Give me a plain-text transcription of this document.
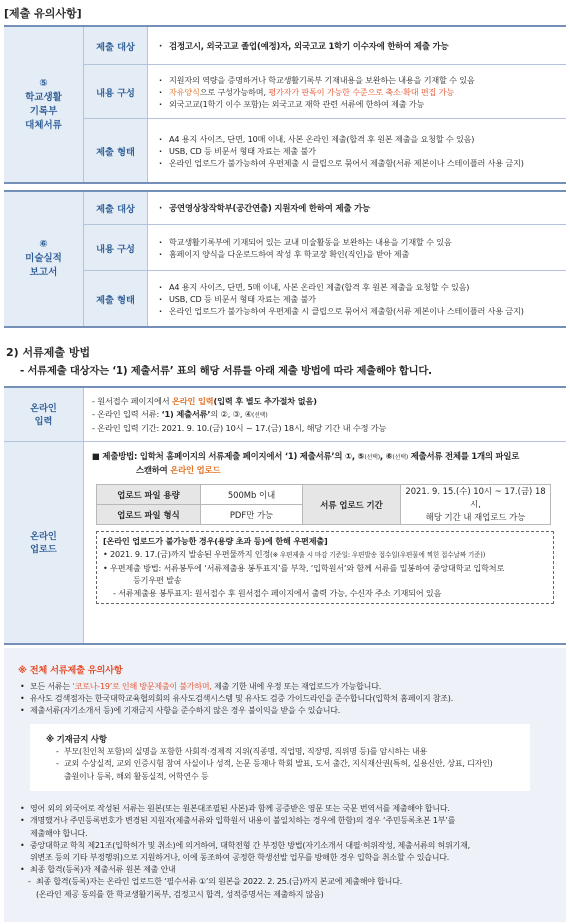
[제출 유의사항]
⑤
학교생활
기록부
대체서류
제출 대상	· 검정고시, 외국고교 졸업(예정)자, 외국고교 1학기 이수자에 한하여 제출 가능
내용 구성
· 지원자의 역량을 증명하거나 학교생활기록부 기재내용을 보완하는 내용을 기재할 수 있음
· 자유양식으로 구성가능하며, 평가자가 판독이 가능한 수준으로 축소·확대 편집 가능
· 외국고교(1학기 이수 포함)는 외국고교 재학 관련 서류에 한하여 제출 가능
제출 형태
· A4 용지 사이즈, 단면, 10매 이내, 사본 온라인 제출(합격 후 원본 제출을 요청할 수 있음)
· USB, CD 등 비문서 형태 자료는 제출 불가
· 온라인 업로드가 불가능하여 우편제출 시 클립으로 묶어서 제출함(서류 제본이나 스테이플러 사용 금지)
⑥
미술실적
보고서
제출 대상	· 공연영상창작학부(공간연출) 지원자에 한하여 제출 가능
내용 구성
· 학교생활기록부에 기재되어 있는 교내 미술활동을 보완하는 내용을 기재할 수 있음
· 홈페이지 양식을 다운로드하여 작성 후 학교장 확인(직인)을 받아 제출
제출 형태
· A4 용지 사이즈, 단면, 5매 이내, 사본 온라인 제출(합격 후 원본 제출을 요청할 수 있음)
· USB, CD 등 비문서 형태 자료는 제출 불가
· 온라인 업로드가 불가능하여 우편제출 시 클립으로 묶어서 제출함(서류 제본이나 스테이플러 사용 금지)
2) 서류제출 방법
- 서류제출 대상자는 ‘1) 제출서류’ 표의 해당 서류를 아래 제출 방법에 따라 제출해야 합니다.
온라인
입력
- 원서접수 페이지에서 온라인 입력(입력 후 별도 추가절차 없음)
- 온라인 입력 서류: ‘1) 제출서류’의 ②, ③, ④(선택)
- 온라인 입력 기간: 2021. 9. 10.(금) 10시 ~ 17.(금) 18시, 해당 기간 내 수정 가능
온라인
업로드
■ 제출방법: 입학처 홈페이지의 서류제출 페이지에서 ‘1) 제출서류’의 ①, ⑤(선택), ⑥(선택) 제출서류 전체를 1개의 파일로
스캔하여 온라인 업로드
업로드 파일 용량	500Mb 이내	서류 업로드 기간	2021. 9. 15.(수) 10시 ~ 17.(금) 18시,
해당 기간 내 재업로드 가능

업로드 파일 형식	PDF만 가능		
[온라인 업로드가 불가능한 경우(용량 초과 등)에 한해 우편제출]
• 2021. 9. 17.(금)까지 발송된 우편물까지 인정(※ 우편제출 시 마감 기준일: 우편발송 접수일(우편물에 찍힌 접수날짜 기준))
• 우편제출 방법: 서류봉투에 ‘서류제출용 봉투표지’를 부착, ‘입학원서’와 함께 서류를 밀봉하여 중앙대학교 입학처로
등기우편 발송
- 서류제출용 봉투표지: 원서접수 후 원서접수 페이지에서 출력 가능, 수신자 주소 기재되어 있음
※ 전체 서류제출 유의사항
• 모든 서류는 ‘코로나-19’로 인해 방문제출이 불가하며, 제출 기한 내에 우정 또는 재업로드가 가능합니다.
• 유사도 검색점자는 한국대학교육협의회의 유사도검색시스템 및 유사도 검증 가이드라인을 준수합니다(입학처 홈페이지 참조).
• 제출서류(자기소개서 등)에 기재금지 사항을 준수하지 않은 경우 불이익을 받을 수 있습니다.
※ 기재금지 사항
- 부모(친인척 포함)의 실명을 포함한 사회적·경제적 지위(직종명, 직업명, 직장명, 직위명 등)를 암시하는 내용
- 교외 수상실적, 교외 인증시험 참여 사실이나 성적, 논문 등재나 학회 발표, 도서 출간, 지식재산권(특허, 실용신안, 상표, 디자인)
출원이나 등록, 해외 활동실적, 어학연수 등
• 영어 외의 외국어로 작성된 서류는 원본(또는 원본대조필된 사본)과 함께 공증받은 영문 또는 국문 번역서를 제출해야 합니다.
• 개명했거나 주민등록번호가 변경된 지원자(제출서류와 입학원서 내용이 불일치하는 경우에 한함)의 경우 ‘주민등록초본 1부’를
제출해야 합니다.
• 중앙대학교 학칙 제21조(입학허가 및 취소)에 의거하여, 대학전형 간 부정한 방법(자기소개서 대필·허위작성, 제출서류의 허위기재,
위변조 등의 기타 부정행위)으로 지원하거나, 이에 동조하여 공정한 학생선발 업무를 방해한 경우 입학을 취소할 수 있습니다.
• 최종 합격(등록)자 제출서류 원본 제출 안내
- 최종 합격(등록)자는 온라인 업로드한 ‘필수서류 ①’의 원본을 2022. 2. 25.(금)까지 본교에 제출해야 합니다.
(온라인 제공 동의를 한 학교생활기록부, 검정고시 합격, 성적증명서는 제출하지 않음)
